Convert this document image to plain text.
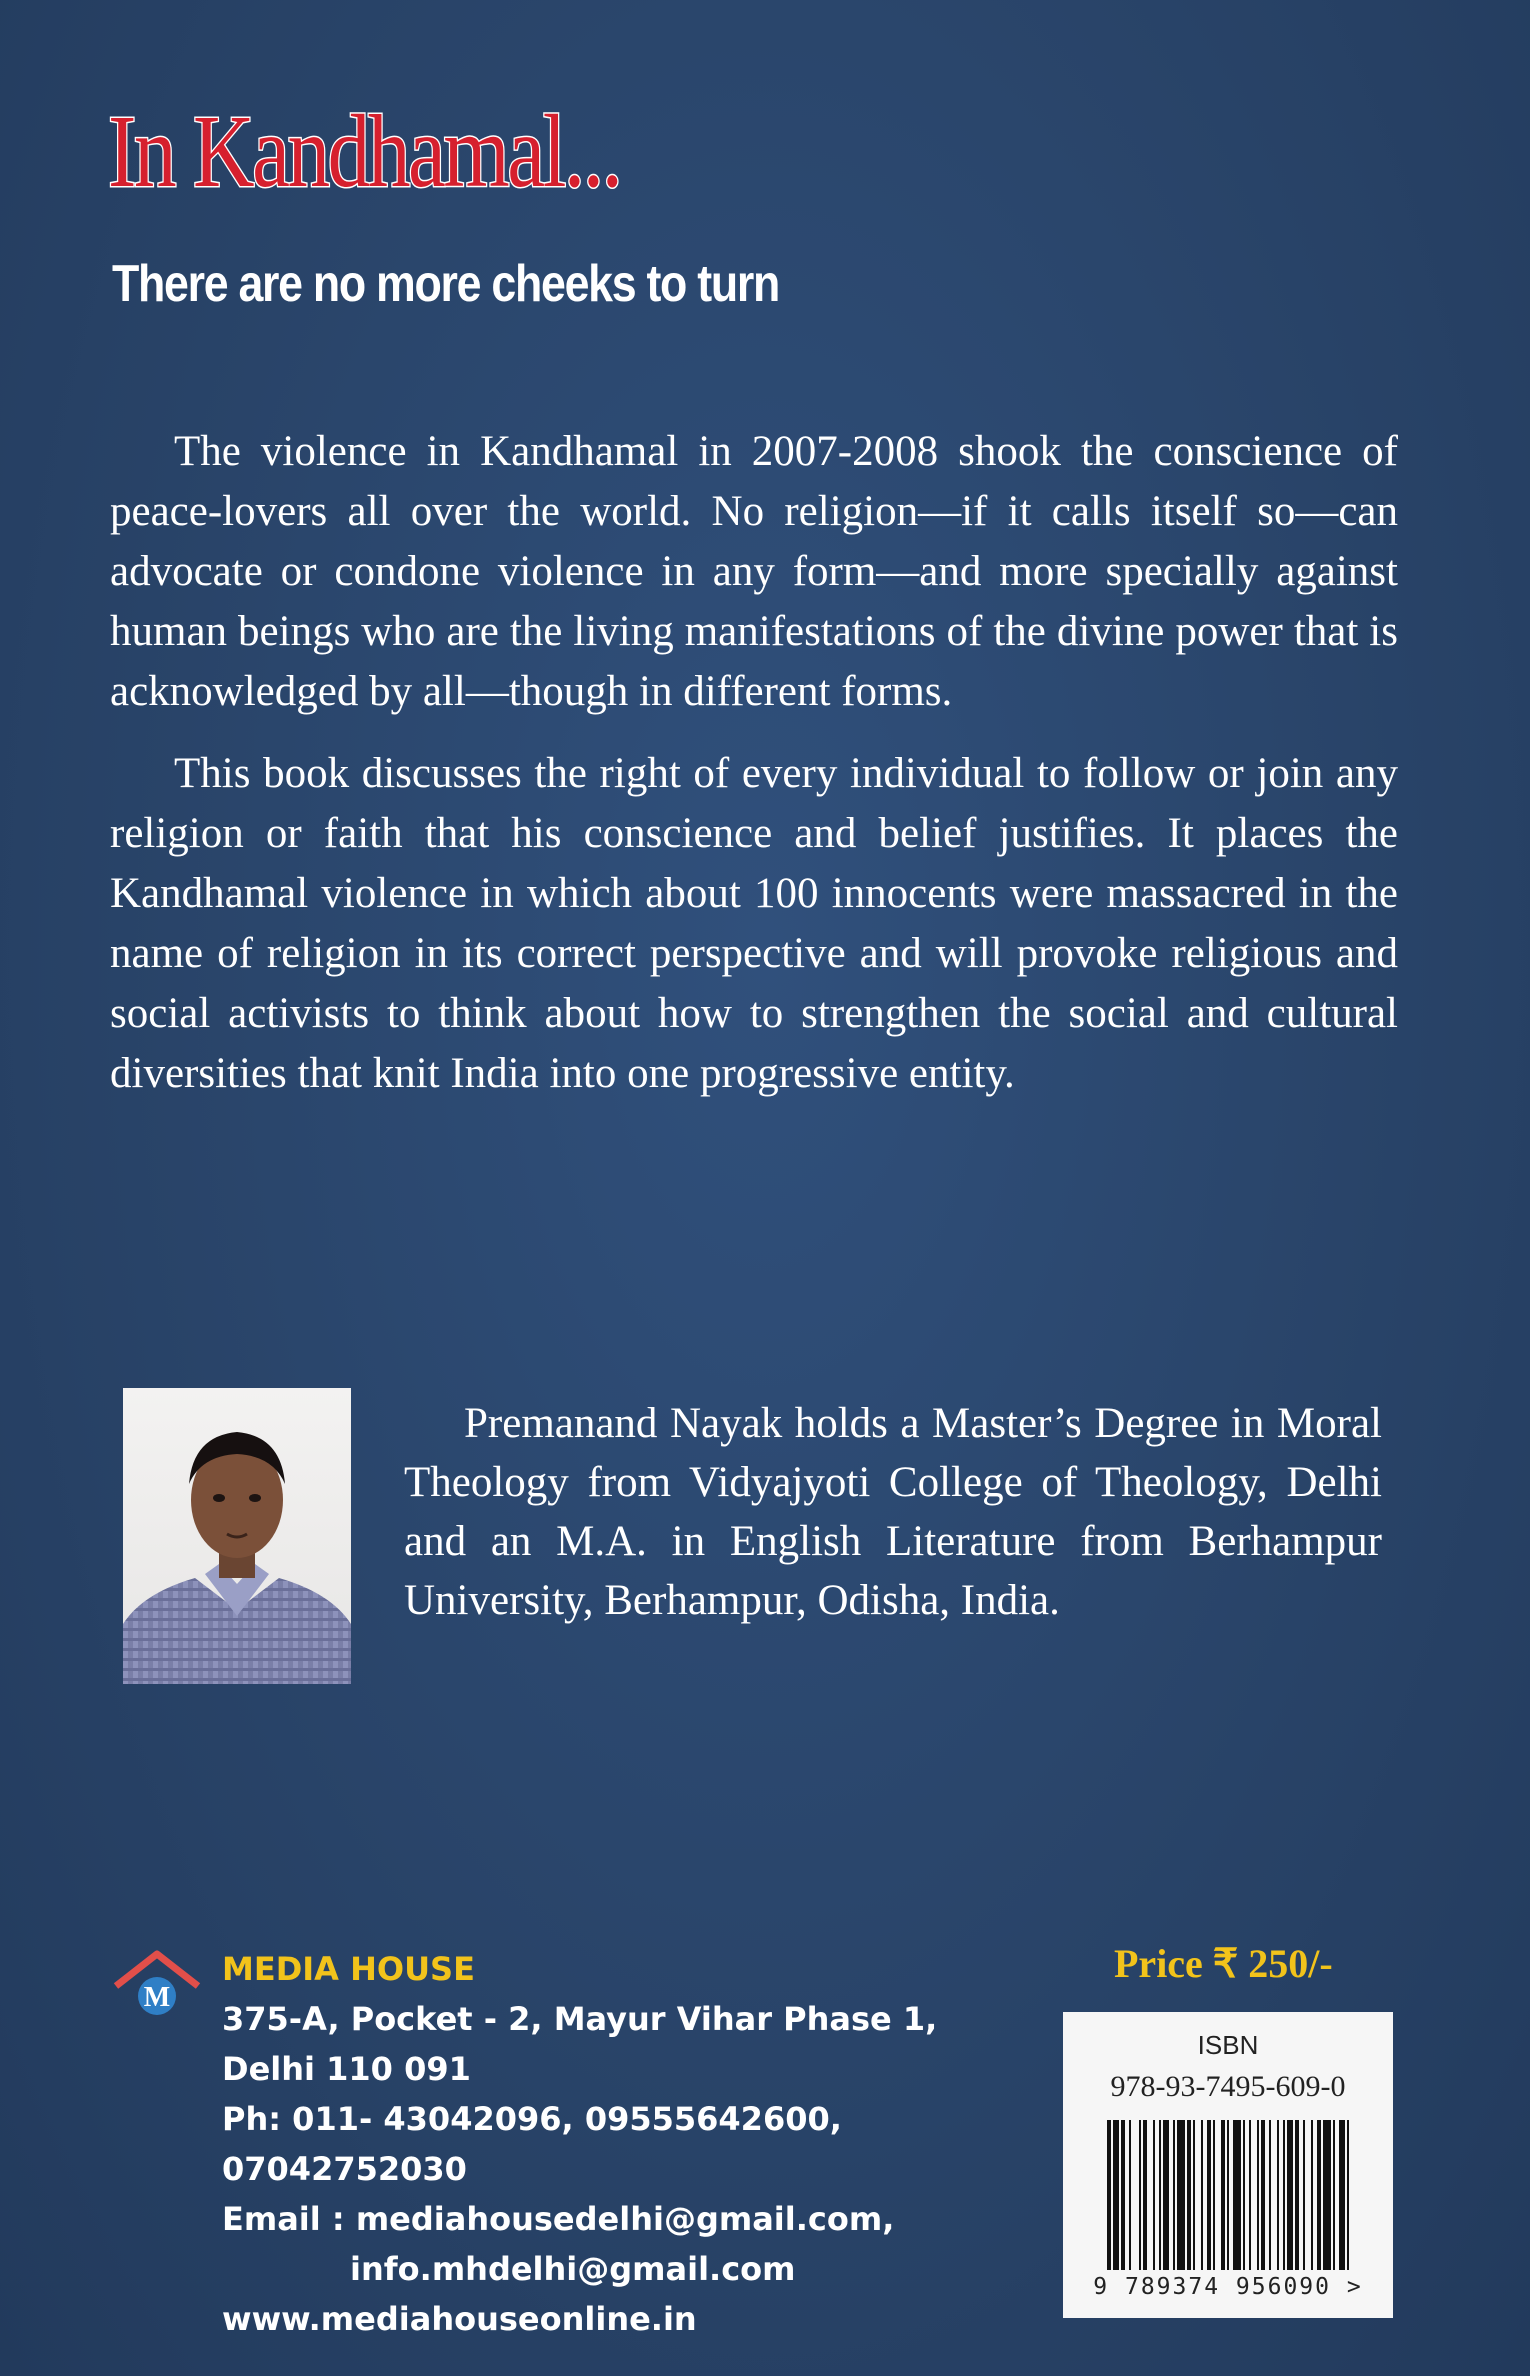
In Kandhamal...
There are no more cheeks to turn

The violence in Kandhamal in 2007-2008 shook the conscience of peace-lovers all over the world. No religion—if it calls itself so—can advocate or condone violence in any form—and more specially against human beings who are the living manifestations of the divine power that is acknowledged by all—though in different forms.

This book discusses the right of every individual to follow or join any religion or faith that his conscience and belief justifies. It places the Kandhamal violence in which about 100 innocents were massacred in the name of religion in its correct perspective and will provoke religious and social activists to think about how to strengthen the social and cultural diversities that knit India into one progressive entity.

Premanand Nayak holds a Master’s Degree in Moral Theology from Vidyajyoti College of Theology, Delhi and an M.A. in English Literature from Berhampur University, Berhampur, Odisha, India.
M
MEDIA HOUSE
375-A, Pocket - 2, Mayur Vihar Phase 1,
Delhi 110 091
Ph: 011- 43042096, 09555642600,
07042752030
Email : mediahousedelhi@gmail.com,
info.mhdelhi@gmail.com
www.mediahouseonline.in
Price ₹ 250/-
ISBN
978-93-7495-609-0
9 789374 956090 >
